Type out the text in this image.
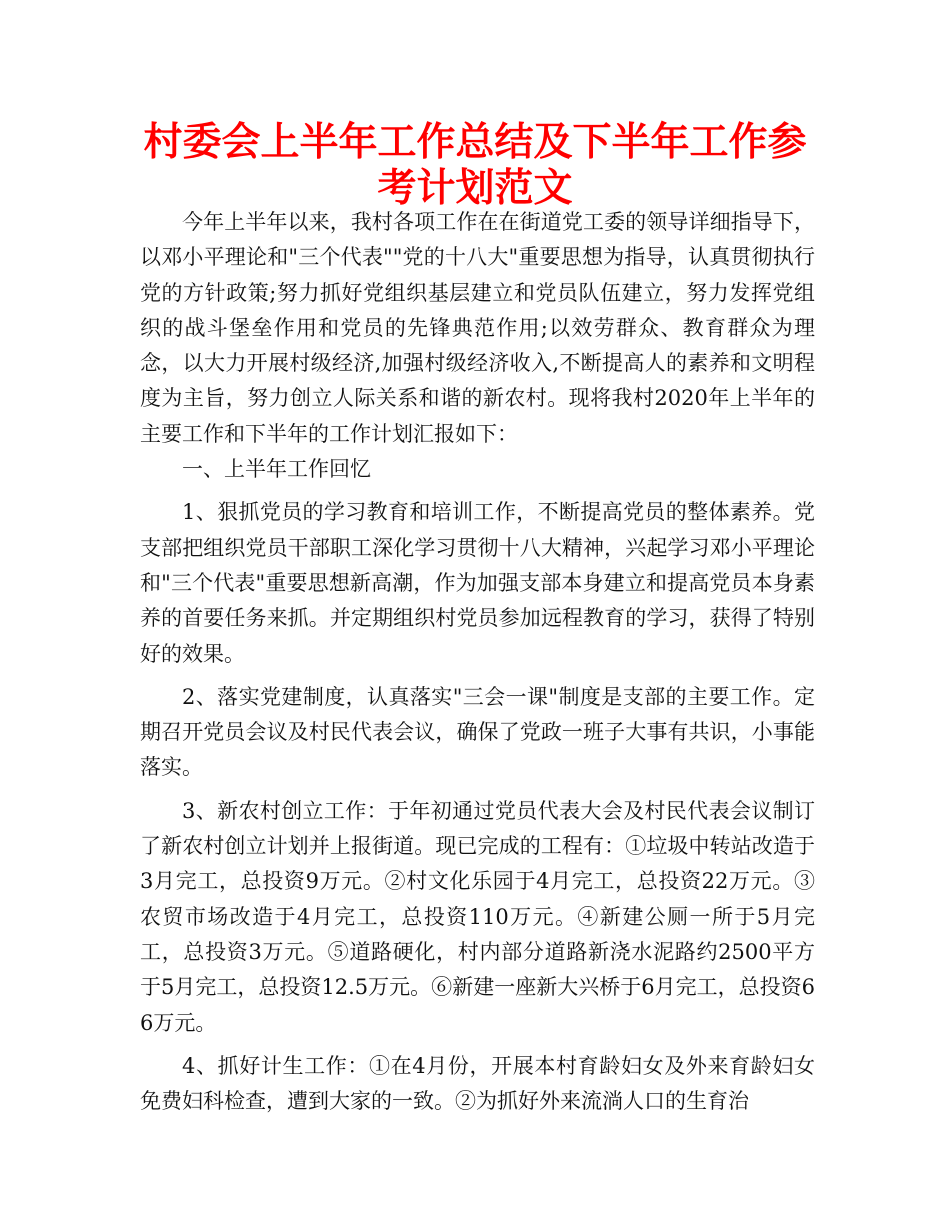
村委会上半年工作总结及下半年工作参考计划范文

今年上半年以来，我村各项工作在在街道党工委的领导详细指导下，以邓小平理论和"三个代表""党的十八大"重要思想为指导，认真贯彻执行党的方针政策;努力抓好党组织基层建立和党员队伍建立，努力发挥党组织的战斗堡垒作用和党员的先锋典范作用;以效劳群众、教育群众为理念，以大力开展村级经济,加强村级经济收入,不断提高人的素养和文明程度为主旨，努力创立人际关系和谐的新农村。现将我村2020年上半年的主要工作和下半年的工作计划汇报如下：

一、上半年工作回忆

1、狠抓党员的学习教育和培训工作，不断提高党员的整体素养。党支部把组织党员干部职工深化学习贯彻十八大精神，兴起学习邓小平理论和"三个代表"重要思想新高潮，作为加强支部本身建立和提高党员本身素养的首要任务来抓。并定期组织村党员参加远程教育的学习，获得了特别好的效果。

2、落实党建制度，认真落实"三会一课"制度是支部的主要工作。定期召开党员会议及村民代表会议，确保了党政一班子大事有共识，小事能落实。

3、新农村创立工作：于年初通过党员代表大会及村民代表会议制订了新农村创立计划并上报街道。现已完成的工程有：①垃圾中转站改造于3月完工，总投资9万元。②村文化乐园于4月完工，总投资22万元。③农贸市场改造于4月完工，总投资110万元。④新建公厕一所于5月完工，总投资3万元。⑤道路硬化，村内部分道路新浇水泥路约2500平方于5月完工，总投资12.5万元。⑥新建一座新大兴桥于6月完工，总投资66万元。

4、抓好计生工作：①在4月份，开展本村育龄妇女及外来育龄妇女免费妇科检查，遭到大家的一致。②为抓好外来流淌人口的生育治
